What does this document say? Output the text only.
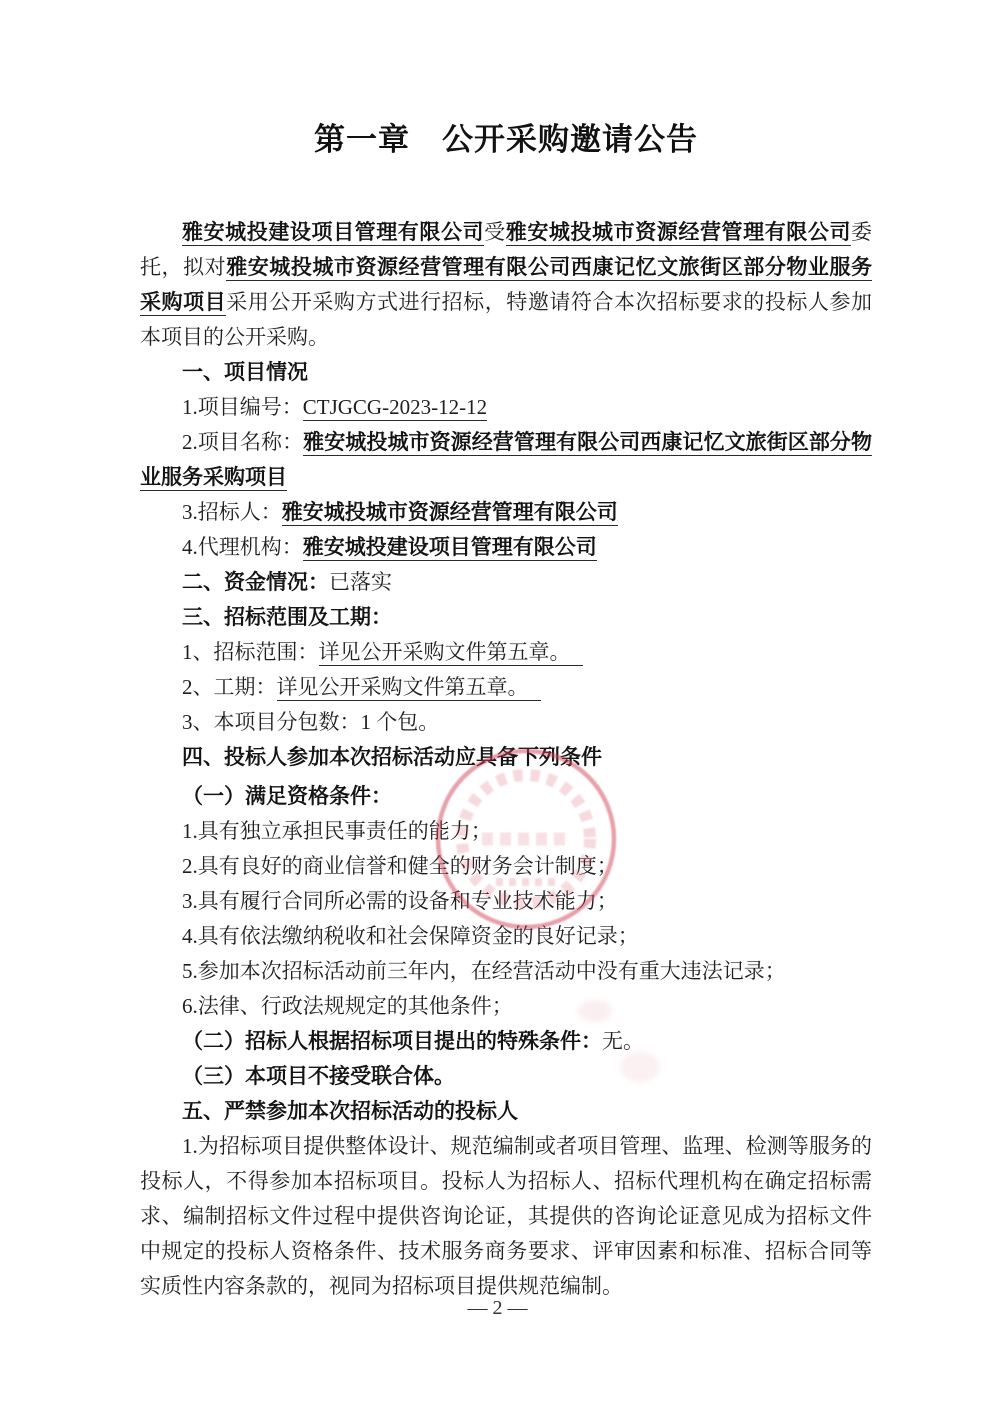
第一章　公开采购邀请公告

雅安城投建设项目管理有限公司受雅安城投城市资源经营管理有限公司委托，拟对雅安城投城市资源经营管理有限公司西康记忆文旅街区部分物业服务采购项目采用公开采购方式进行招标，特邀请符合本次招标要求的投标人参加本项目的公开采购。

一、项目情况

1.项目编号：CTJGCG-2023-12-12

2.项目名称：雅安城投城市资源经营管理有限公司西康记忆文旅街区部分物业服务采购项目

3.招标人：雅安城投城市资源经营管理有限公司

4.代理机构：雅安城投建设项目管理有限公司

二、资金情况：已落实

三、招标范围及工期：

1、招标范围：详见公开采购文件第五章。

2、工期：详见公开采购文件第五章。

3、本项目分包数：1 个包。

四、投标人参加本次招标活动应具备下列条件

（一）满足资格条件：

1.具有独立承担民事责任的能力；

2.具有良好的商业信誉和健全的财务会计制度；

3.具有履行合同所必需的设备和专业技术能力；

4.具有依法缴纳税收和社会保障资金的良好记录；

5.参加本次招标活动前三年内，在经营活动中没有重大违法记录；

6.法律、行政法规规定的其他条件；

（二）招标人根据招标项目提出的特殊条件：无。

（三）本项目不接受联合体。

五、严禁参加本次招标活动的投标人

1.为招标项目提供整体设计、规范编制或者项目管理、监理、检测等服务的投标人，不得参加本招标项目。投标人为招标人、招标代理机构在确定招标需求、编制招标文件过程中提供咨询论证，其提供的咨询论证意见成为招标文件中规定的投标人资格条件、技术服务商务要求、评审因素和标准、招标合同等实质性内容条款的，视同为招标项目提供规范编制。

—2—
